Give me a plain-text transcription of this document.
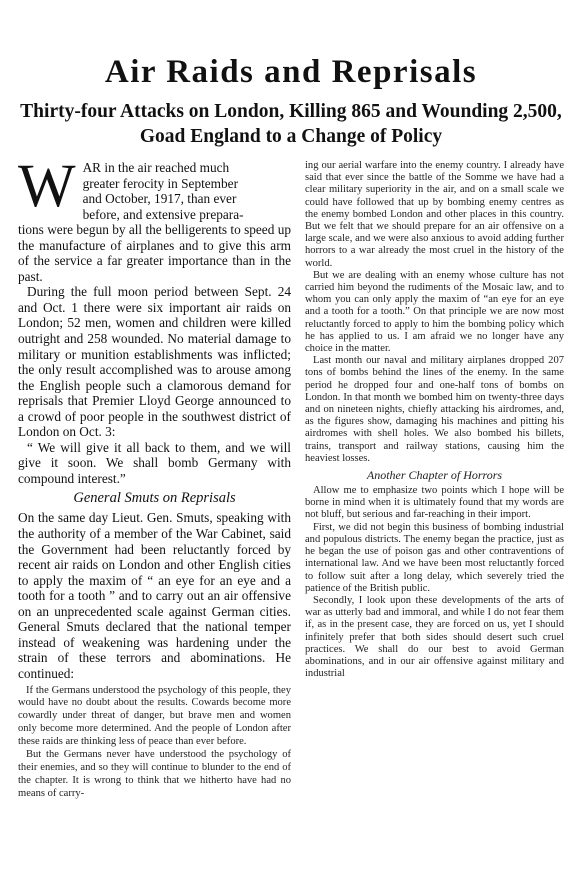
Air Raids and Reprisals
Thirty-four Attacks on London, Killing 865 and Wounding 2,500, Goad England to a Change of Policy

WAR in the air reached much
greater ferocity in September
and October, 1917, than ever
before, and extensive prepara-
tions were begun by all the belligerents to speed up the manufacture of airplanes and to give this arm of the service a far greater importance than in the past.

During the full moon period between Sept. 24 and Oct. 1 there were six important air raids on London; 52 men, women and children were killed outright and 258 wounded. No material damage to military or munition establishments was inflicted; the only result accomplished was to arouse among the English people such a clamorous demand for reprisals that Premier Lloyd George announced to a crowd of poor people in the southwest district of London on Oct. 3:

“ We will give it all back to them, and we will give it soon. We shall bomb Germany with compound interest.”

General Smuts on Reprisals

On the same day Lieut. Gen. Smuts, speaking with the authority of a member of the War Cabinet, said the Government had been reluctantly forced by recent air raids on London and other English cities to apply the maxim of “ an eye for an eye and a tooth for a tooth ” and to carry out an air offensive on an unprecedented scale against German cities. General Smuts declared that the national temper instead of weakening was hardening under the strain of these terrors and abominations. He continued:

If the Germans understood the psychology of this people, they would have no doubt about the results. Cowards become more cowardly under threat of danger, but brave men and women only become more determined. And the people of London after these raids are thinking less of peace than ever before.

But the Germans never have understood the psychology of their enemies, and so they will continue to blunder to the end of the chapter. It is wrong to think that we hitherto have had no means of carry-

ing our aerial warfare into the enemy country. I already have said that ever since the battle of the Somme we have had a clear military superiority in the air, and on a small scale we could have followed that up by bombing enemy centres as the enemy bombed London and other places in this country. But we felt that we should prepare for an air offensive on a large scale, and we were also anxious to avoid adding further horrors to a war already the most cruel in the history of the world.

But we are dealing with an enemy whose culture has not carried him beyond the rudiments of the Mosaic law, and to whom you can only apply the maxim of “an eye for an eye and a tooth for a tooth.” On that principle we are now most reluctantly forced to apply to him the bombing policy which he has applied to us. I am afraid we no longer have any choice in the matter.

Last month our naval and military airplanes dropped 207 tons of bombs behind the lines of the enemy. In the same period he dropped four and one-half tons of bombs on London. In that month we bombed him on twenty-three days and on nineteen nights, chiefly attacking his airdromes, and, as the figures show, damaging his machines and pitting his airdromes with shell holes. We also bombed his billets, trains, transport and railway stations, causing him the heaviest losses.

Another Chapter of Horrors

Allow me to emphasize two points which I hope will be borne in mind when it is ultimately found that my words are not bluff, but serious and far-reaching in their import.

First, we did not begin this business of bombing industrial and populous districts. The enemy began the practice, just as he began the use of poison gas and other contraventions of international law. And we have been most reluctantly forced to follow suit after a long delay, which severely tried the patience of the British public.

Secondly, I look upon these developments of the arts of war as utterly bad and immoral, and while I do not fear them if, as in the present case, they are forced on us, yet I should infinitely prefer that both sides should desert such cruel practices. We shall do our best to avoid German abominations, and in our air offensive against military and industrial
